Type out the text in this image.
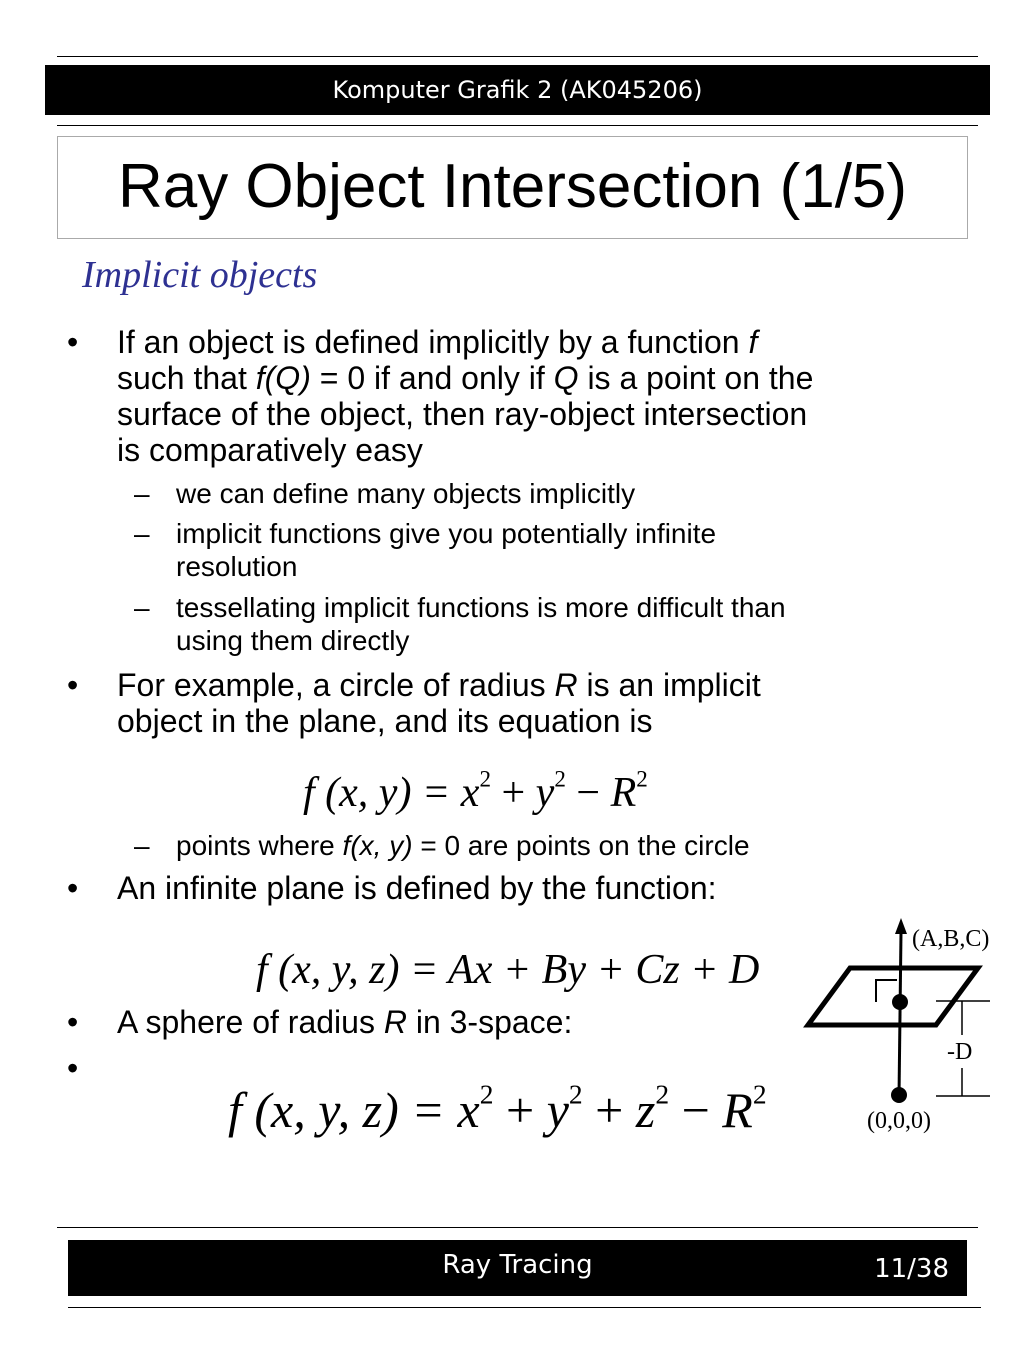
Komputer Grafik 2 (AK045206)
Ray Object Intersection (1/5)
Implicit objects
• If an object is defined implicitly by a function f
such that f(Q) = 0 if and only if Q is a point on the
surface of the object, then ray-object intersection
is comparatively easy
– we can define many objects implicitly
– implicit functions give you potentially infinite
resolution
– tessellating implicit functions is more difficult than
using them directly
• For example, a circle of radius R is an implicit
object in the plane, and its equation is
f (x, $y) = x^2 + y^2 - R^2$
– points where f(x, y) = 0 are points on the circle
• An infinite plane is defined by the function:
f (x, y, z) = Ax + By + Cz + D
• A sphere of radius R in 3-space:
•
f (x, y, $z) = x^2 + y^2 + z^2 - R^2$
(A,B,C)
-D
(0,0,0)
Ray Tracing	11/38
